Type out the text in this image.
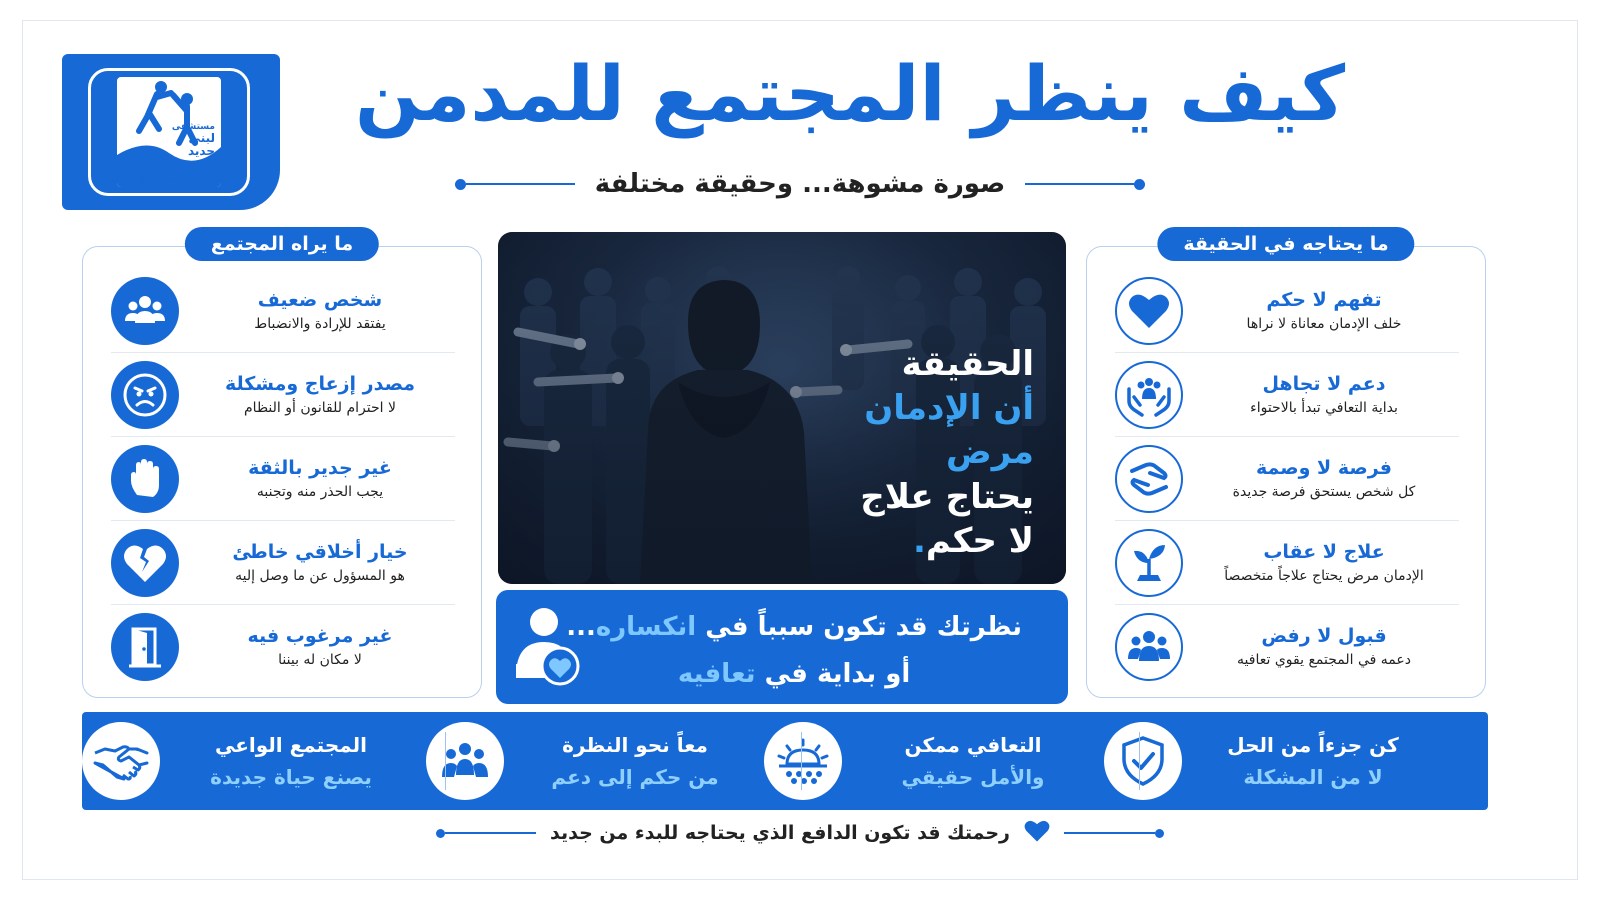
مستشفى
لبنى
جديد
للطب النفسي وعلاج الإدمان
كيف ينظر المجتمع للمدمن
صورة مشوهة... وحقيقة مختلفة
ما يراه المجتمع
شخص ضعيف
يفتقد للإرادة والانضباط
مصدر إزعاج ومشكلة
لا احترام للقانون أو النظام
غير جدير بالثقة
يجب الحذر منه وتجنبه
خيار أخلاقي خاطئ
هو المسؤول عن ما وصل إليه
غير مرغوب فيه
لا مكان له بيننا
ما يحتاجه في الحقيقة
تفهم لا حكم
خلف الإدمان معاناة لا نراها
دعم لا تجاهل
بداية التعافي تبدأ بالاحتواء
فرصة لا وصمة
كل شخص يستحق فرصة جديدة
علاج لا عقاب
الإدمان مرض يحتاج علاجاً متخصصاً
قبول لا رفض
دعمه في المجتمع يقوي تعافيه
الحقيقة
أن الإدمان
مرض
يحتاج علاج
لا حكم.
نظرتك قد تكون سبباً في انكساره...
أو بداية في تعافيه
كن جزءاً من الحل
لا من المشكلة
التعافي ممكن
والأمل حقيقي
معاً نحو النظرة
من حكم إلى دعم
المجتمع الواعي
يصنع حياة جديدة
رحمتك قد تكون الدافع الذي يحتاجه للبدء من جديد
